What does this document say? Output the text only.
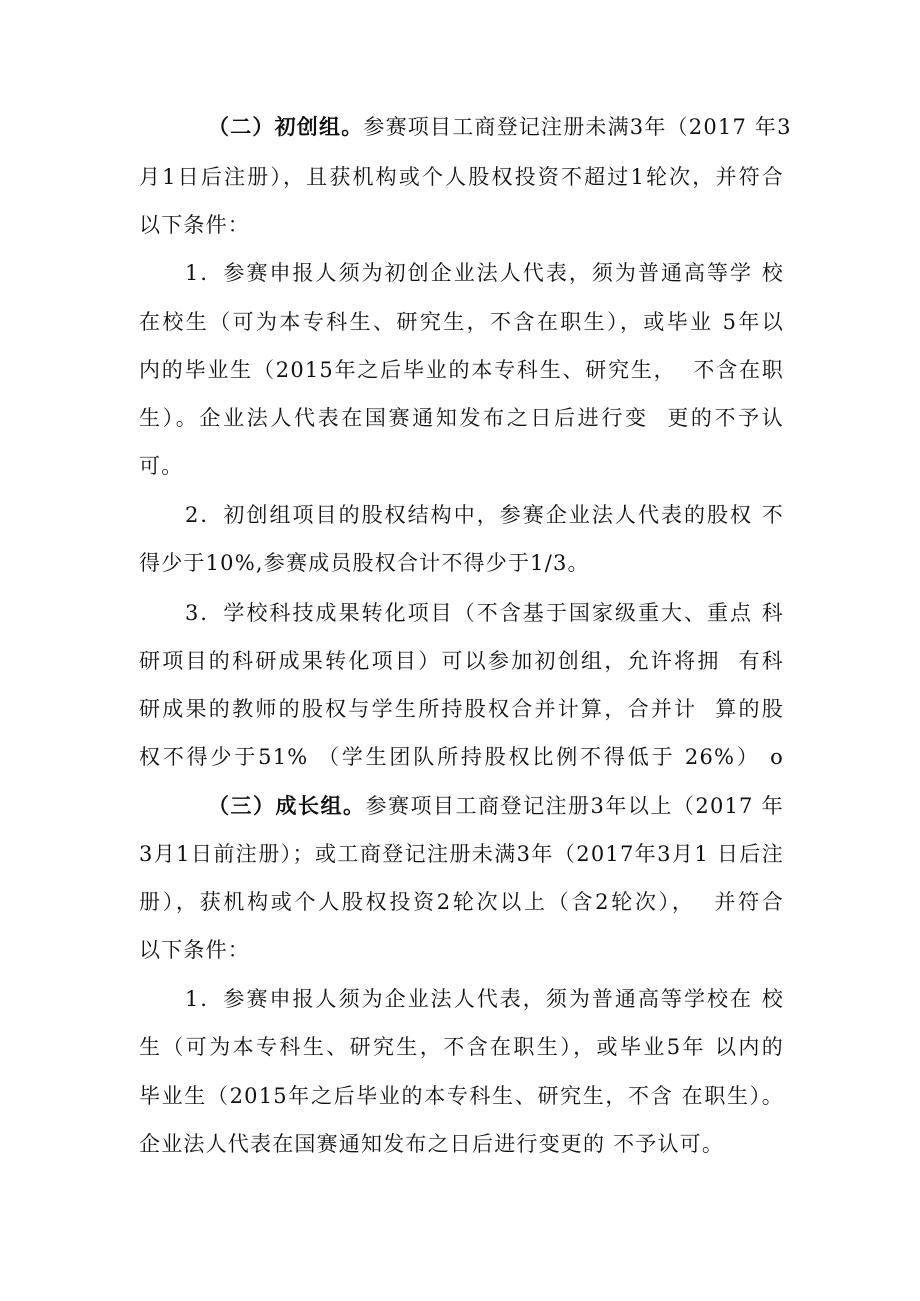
（二）初创组。参赛项目工商登记注册未满3年（2017 年3
月1日后注册），且获机构或个人股权投资不超过1轮次，并符合
以下条件：
1．参赛申报人须为初创企业法人代表，须为普通高等学 校
在校生（可为本专科生、研究生，不含在职生），或毕业 5年以
内的毕业生（2015年之后毕业的本专科生、研究生，  不含在职
生）。企业法人代表在国赛通知发布之日后进行变  更的不予认
可。
2．初创组项目的股权结构中，参赛企业法人代表的股权 不
得少于10%,参赛成员股权合计不得少于1/3。
3．学校科技成果转化项目（不含基于国家级重大、重点 科
研项目的科研成果转化项目）可以参加初创组，允许将拥  有科
研成果的教师的股权与学生所持股权合并计算，合并计  算的股
权不得少于51% （学生团队所持股权比例不得低于 26%） o
（三）成长组。参赛项目工商登记注册3年以上（2017 年
3月1日前注册）；或工商登记注册未满3年（2017年3月1 日后注
册），获机构或个人股权投资2轮次以上（含2轮次），  并符合
以下条件：
1．参赛申报人须为企业法人代表，须为普通高等学校在 校
生（可为本专科生、研究生，不含在职生），或毕业5年 以内的
毕业生（2015年之后毕业的本专科生、研究生，不含 在职生）。
企业法人代表在国赛通知发布之日后进行变更的 不予认可。
